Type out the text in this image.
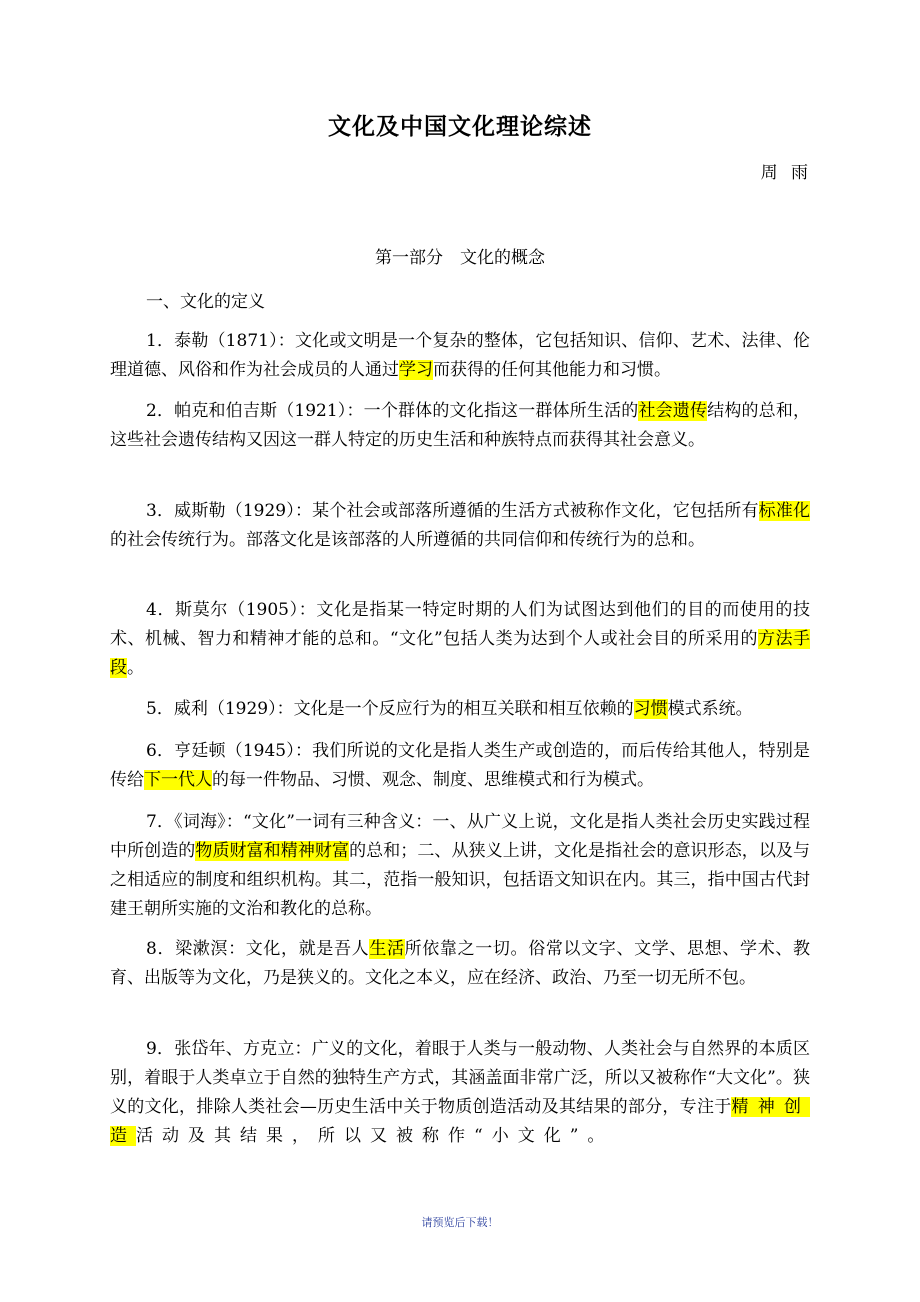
文化及中国文化理论综述
周 雨
第一部分　文化的概念
一、文化的定义

1．泰勒（1871）：文化或文明是一个复杂的整体，它包括知识、信仰、艺术、法律、伦理道德、风俗和作为社会成员的人通过学习而获得的任何其他能力和习惯。

2．帕克和伯吉斯（1921）：一个群体的文化指这一群体所生活的社会遗传结构的总和，这些社会遗传结构又因这一群人特定的历史生活和种族特点而获得其社会意义。

3．威斯勒（1929）：某个社会或部落所遵循的生活方式被称作文化，它包括所有标准化的社会传统行为。部落文化是该部落的人所遵循的共同信仰和传统行为的总和。

4．斯莫尔（1905）：文化是指某一特定时期的人们为试图达到他们的目的而使用的技术、机械、智力和精神才能的总和。“文化”包括人类为达到个人或社会目的所采用的方法手段。

5．威利（1929）：文化是一个反应行为的相互关联和相互依赖的习惯模式系统。

6．亨廷顿（1945）：我们所说的文化是指人类生产或创造的，而后传给其他人，特别是传给下一代人的每一件物品、习惯、观念、制度、思维模式和行为模式。

7．《词海》：“文化”一词有三种含义：一、从广义上说，文化是指人类社会历史实践过程中所创造的物质财富和精神财富的总和；二、从狭义上讲，文化是指社会的意识形态，以及与之相适应的制度和组织机构。其二，范指一般知识，包括语文知识在内。其三，指中国古代封建王朝所实施的文治和教化的总称。

8．梁漱溟：文化，就是吾人生活所依靠之一切。俗常以文字、文学、思想、学术、教育、出版等为文化，乃是狭义的。文化之本义，应在经济、政治、乃至一切无所不包。

9．张岱年、方克立：广义的文化，着眼于人类与一般动物、人类社会与自然界的本质区别，着眼于人类卓立于自然的独特生产方式，其涵盖面非常广泛，所以又被称作“大文化”。狭义的文化，排除人类社会—历史生活中关于物质创造活动及其结果的部分，专注于精神创造活动及其结果，所以又被称作“小文化”。

请预览后下载！
